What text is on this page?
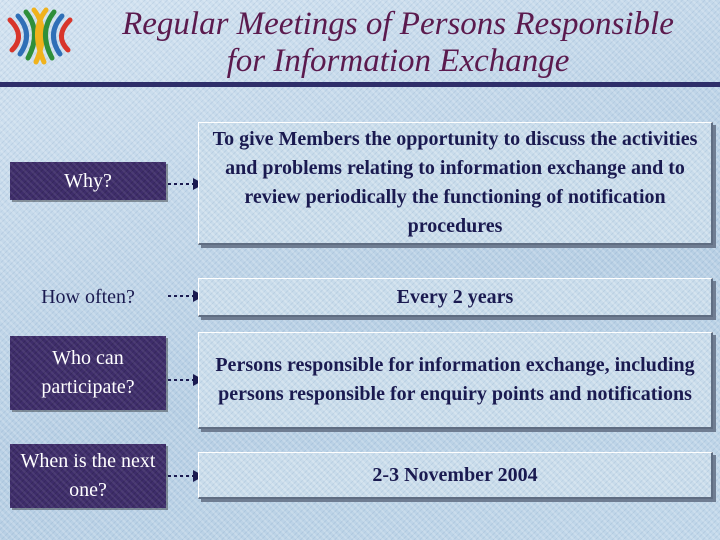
Regular Meetings of Persons Responsible
for Information Exchange
Why?
To give Members the opportunity to discuss the activities and problems relating to information exchange and to review periodically the functioning of notification procedures
How often?	Every 2 years
Who can participate?
Persons responsible for information exchange, including persons responsible for enquiry points and notifications
When is the next one?
2-3 November 2004
